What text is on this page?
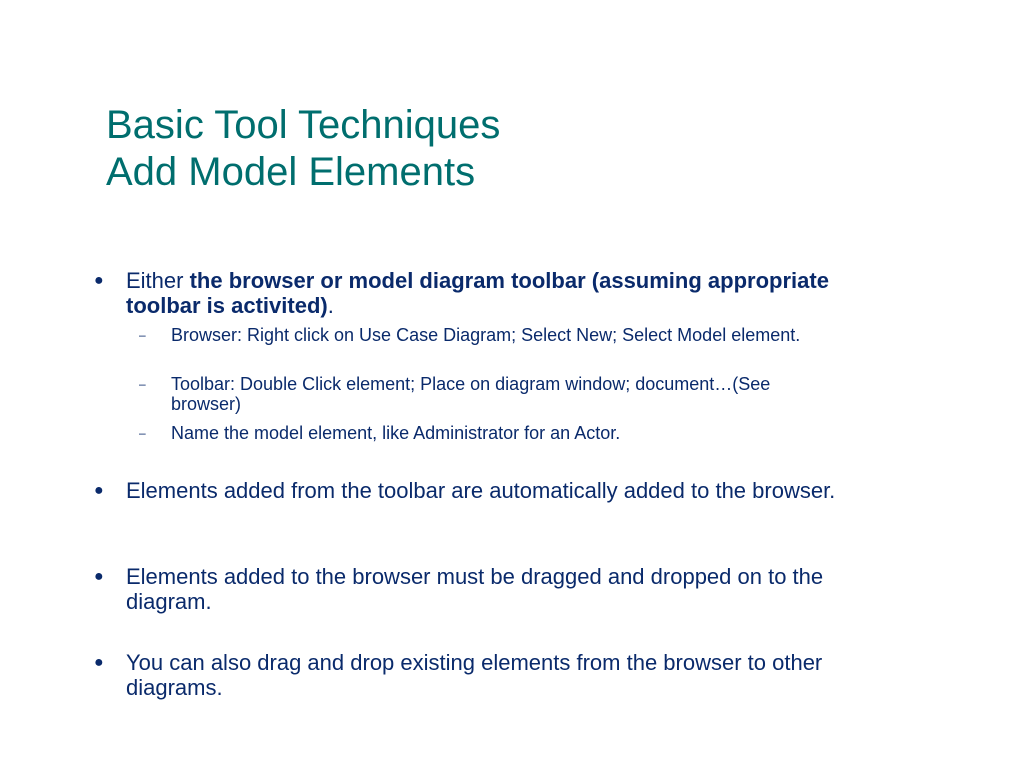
Basic Tool Techniques
Add Model Elements
● Either the browser or model diagram toolbar (assuming appropriate toolbar is activited).
– Browser: Right click on Use Case Diagram; Select New; Select Model element.
– Toolbar: Double Click element; Place on diagram window; document…(See browser)
– Name the model element, like Administrator for an Actor.
● Elements added from the toolbar are automatically added to the browser.
● Elements added to the browser must be dragged and dropped on to the diagram.
● You can also drag and drop existing elements from the browser to other diagrams.
